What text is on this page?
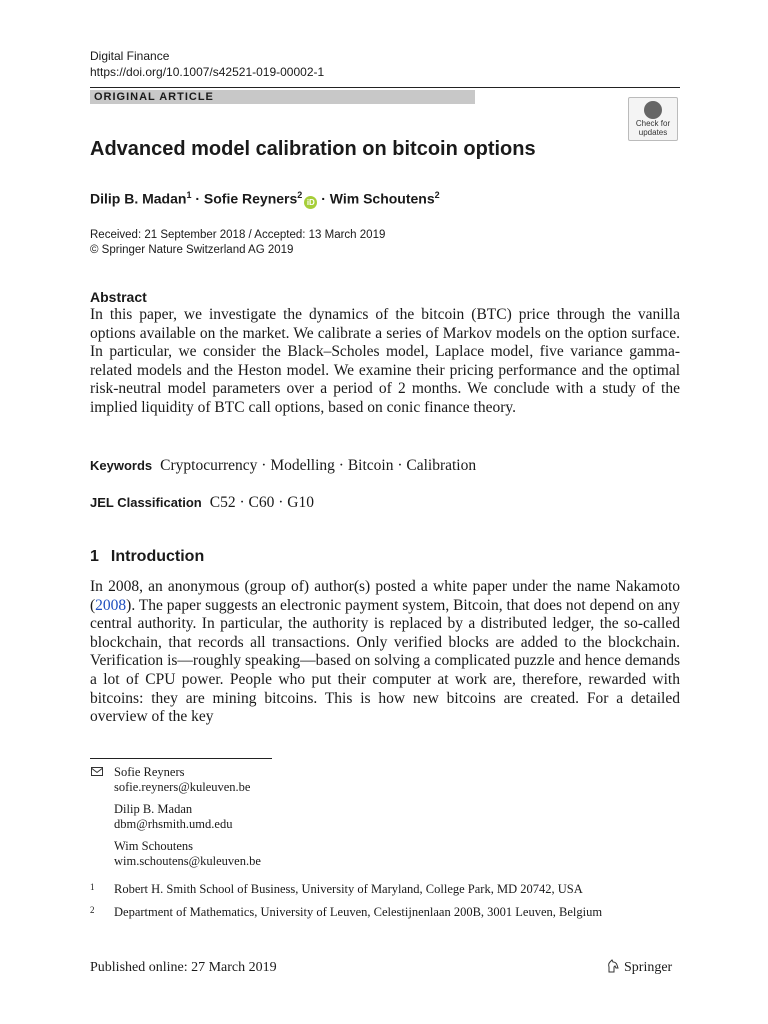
Digital Finance
https://doi.org/10.1007/s42521-019-00002-1
ORIGINAL ARTICLE
Check for
updates
Advanced model calibration on bitcoin options
Dilip B. Madan$^1$ · Sofie Reyners$^2$iD · Wim Schoutens$^2$
Received: 21 September 2018 / Accepted: 13 March 2019
© Springer Nature Switzerland AG 2019
Abstract
In this paper, we investigate the dynamics of the bitcoin (BTC) price through the vanilla options available on the market. We calibrate a series of Markov models on the option surface. In particular, we consider the Black–Scholes model, Laplace model, five variance gamma-related models and the Heston model. We examine their pricing performance and the optimal risk-neutral model parameters over a period of 2 months. We conclude with a study of the implied liquidity of BTC call options, based on conic finance theory.
Keywords Cryptocurrency · Modelling · Bitcoin · Calibration
JEL Classification C52 · C60 · G10
1 Introduction
In 2008, an anonymous (group of) author(s) posted a white paper under the name Nakamoto (2008). The paper suggests an electronic payment system, Bitcoin, that does not depend on any central authority. In particular, the authority is replaced by a distributed ledger, the so-called blockchain, that records all transactions. Only verified blocks are added to the blockchain. Verification is—roughly speaking—based on solving a complicated puzzle and hence demands a lot of CPU power. People who put their computer at work are, therefore, rewarded with bitcoins: they are mining bitcoins. This is how new bitcoins are created. For a detailed overview of the key
Sofie Reyners
sofie.reyners@kuleuven.be
Dilip B. Madan
dbm@rhsmith.umd.edu
Wim Schoutens
wim.schoutens@kuleuven.be
1 Robert H. Smith School of Business, University of Maryland, College Park, MD 20742, USA
2 Department of Mathematics, University of Leuven, Celestijnenlaan 200B, 3001 Leuven, Belgium
Published online: 27 March 2019	Springer
